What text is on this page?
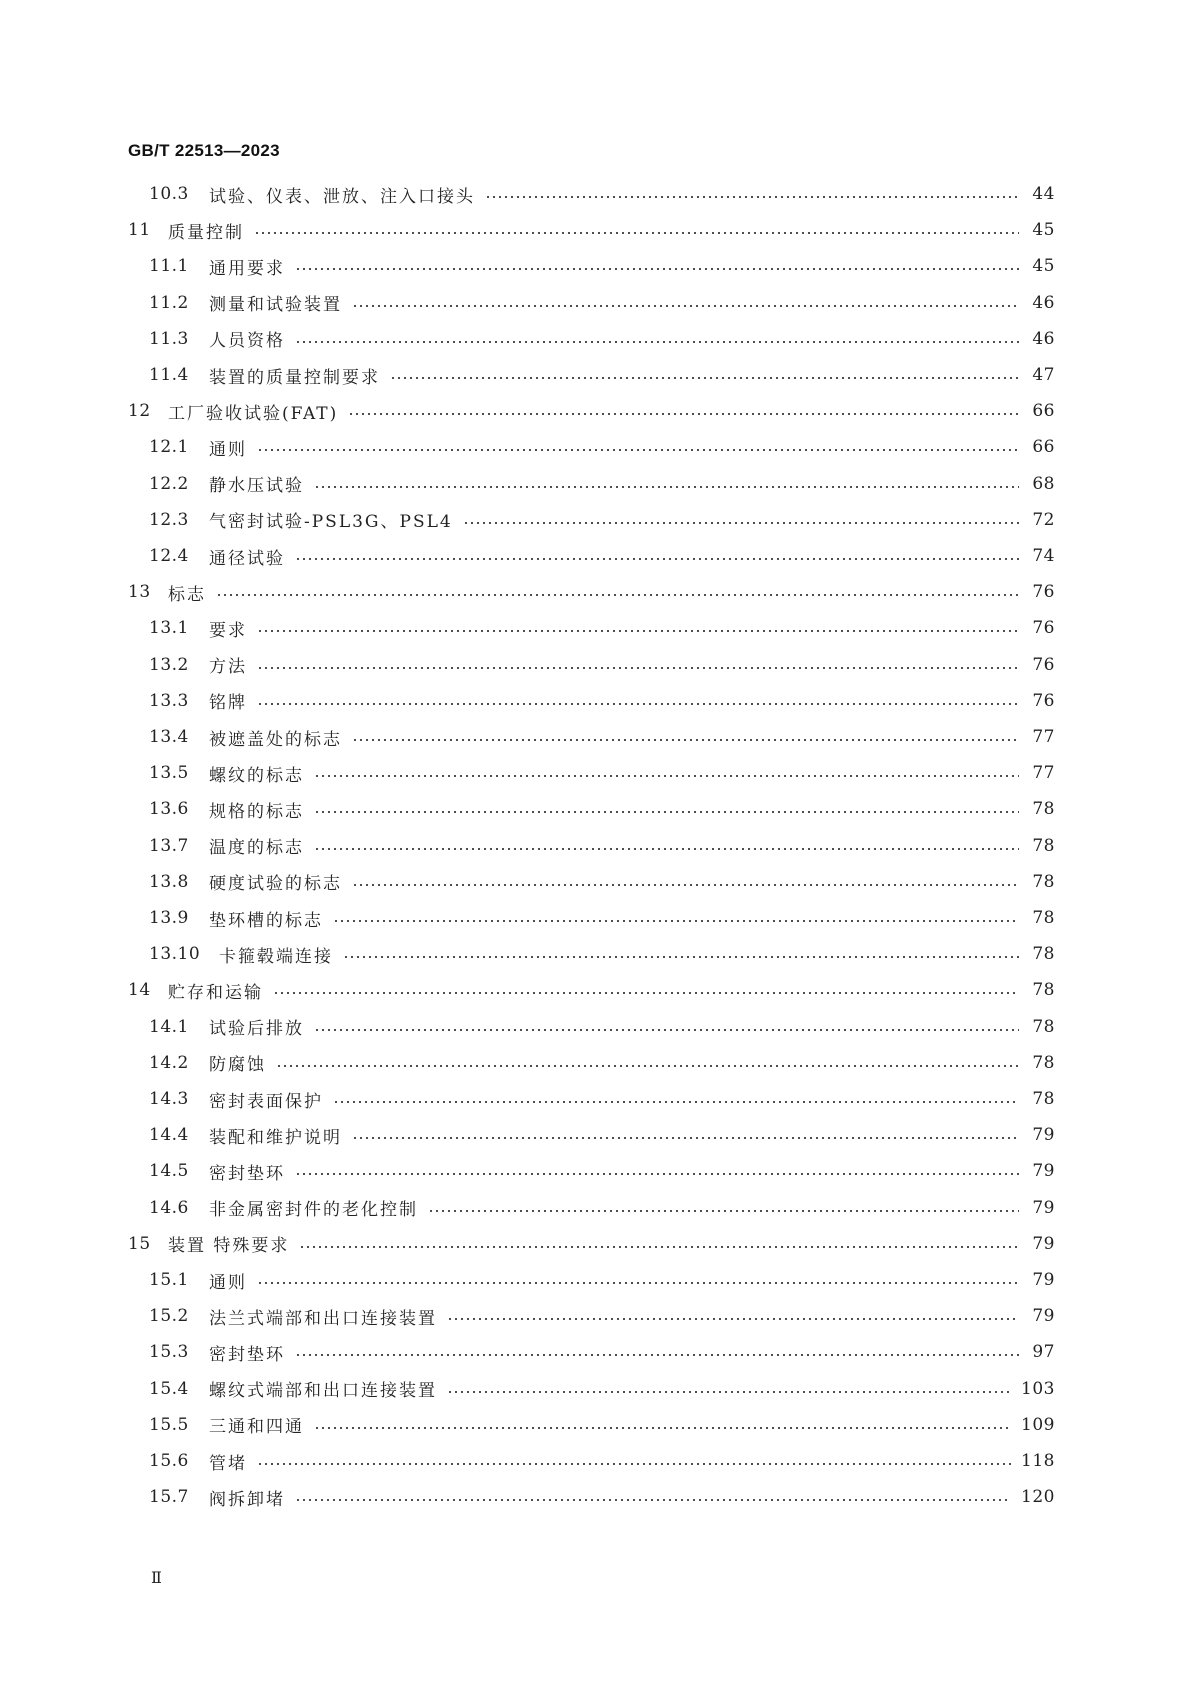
GB/T 22513—2023
10.3	试验、仪表、泄放、注入口接头	44
11	质量控制	45
11.1	通用要求	45
11.2	测量和试验装置	46
11.3	人员资格	46
11.4	装置的质量控制要求	47
12	工厂验收试验(FAT)	66
12.1	通则	66
12.2	静水压试验	68
12.3	气密封试验-PSL3G、PSL4	72
12.4	通径试验	74
13	标志	76
13.1	要求	76
13.2	方法	76
13.3	铭牌	76
13.4	被遮盖处的标志	77
13.5	螺纹的标志	77
13.6	规格的标志	78
13.7	温度的标志	78
13.8	硬度试验的标志	78
13.9	垫环槽的标志	78
13.10	卡箍毂端连接	78
14	贮存和运输	78
14.1	试验后排放	78
14.2	防腐蚀	78
14.3	密封表面保护	78
14.4	装配和维护说明	79
14.5	密封垫环	79
14.6	非金属密封件的老化控制	79
15	装置 特殊要求	79
15.1	通则	79
15.2	法兰式端部和出口连接装置	79
15.3	密封垫环	97
15.4	螺纹式端部和出口连接装置	103
15.5	三通和四通	109
15.6	管堵	118
15.7	阀拆卸堵	120
Ⅱ
